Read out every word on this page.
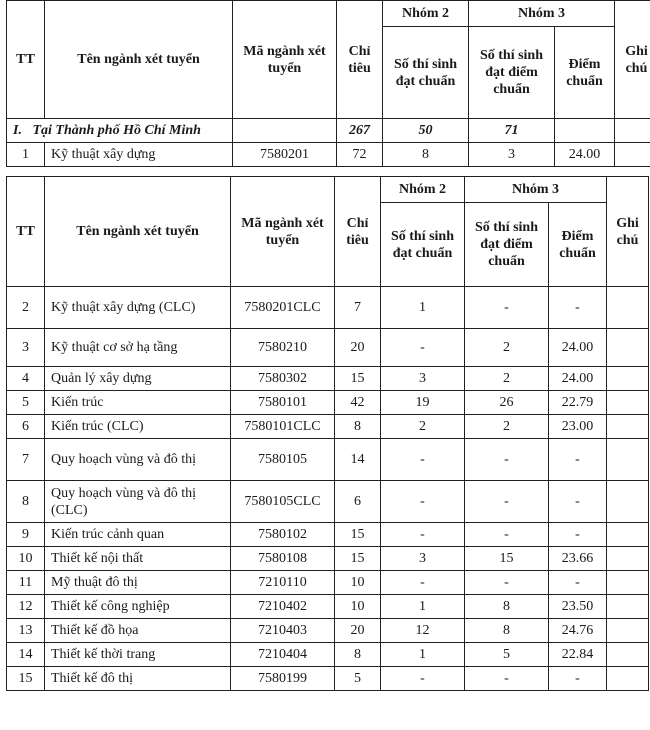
TT	Tên ngành xét tuyển	Mã ngành xét tuyển	Chỉ tiêu	Nhóm 2	Nhóm 3		Ghi chú
				Số thí sinh đạt chuẩn	Số thí sinh đạt điểm chuẩn	Điểm chuẩn	
I. Tại Thành phố Hồ Chí Minh			267	50	71		
1	Kỹ thuật xây dựng	7580201	72	8	3	24.00	
TT	Tên ngành xét tuyển	Mã ngành xét tuyển	Chỉ tiêu	Nhóm 2	Nhóm 3		Ghi chú
				Số thí sinh đạt chuẩn	Số thí sinh đạt điểm chuẩn	Điểm chuẩn	
2	Kỹ thuật xây dựng (CLC)	7580201CLC	7	1	-	-	
3	Kỹ thuật cơ sở hạ tầng	7580210	20	-	2	24.00	
4	Quản lý xây dựng	7580302	15	3	2	24.00	
5	Kiến trúc	7580101	42	19	26	22.79	
6	Kiến trúc (CLC)	7580101CLC	8	2	2	23.00	
7	Quy hoạch vùng và đô thị	7580105	14	-	-	-	
8	Quy hoạch vùng và đô thị (CLC)	7580105CLC	6	-	-	-	
9	Kiến trúc cảnh quan	7580102	15	-	-	-	
10	Thiết kế nội thất	7580108	15	3	15	23.66	
11	Mỹ thuật đô thị	7210110	10	-	-	-	
12	Thiết kế công nghiệp	7210402	10	1	8	23.50	
13	Thiết kế đồ họa	7210403	20	12	8	24.76	
14	Thiết kế thời trang	7210404	8	1	5	22.84	
15	Thiết kế đô thị	7580199	5	-	-	-	
